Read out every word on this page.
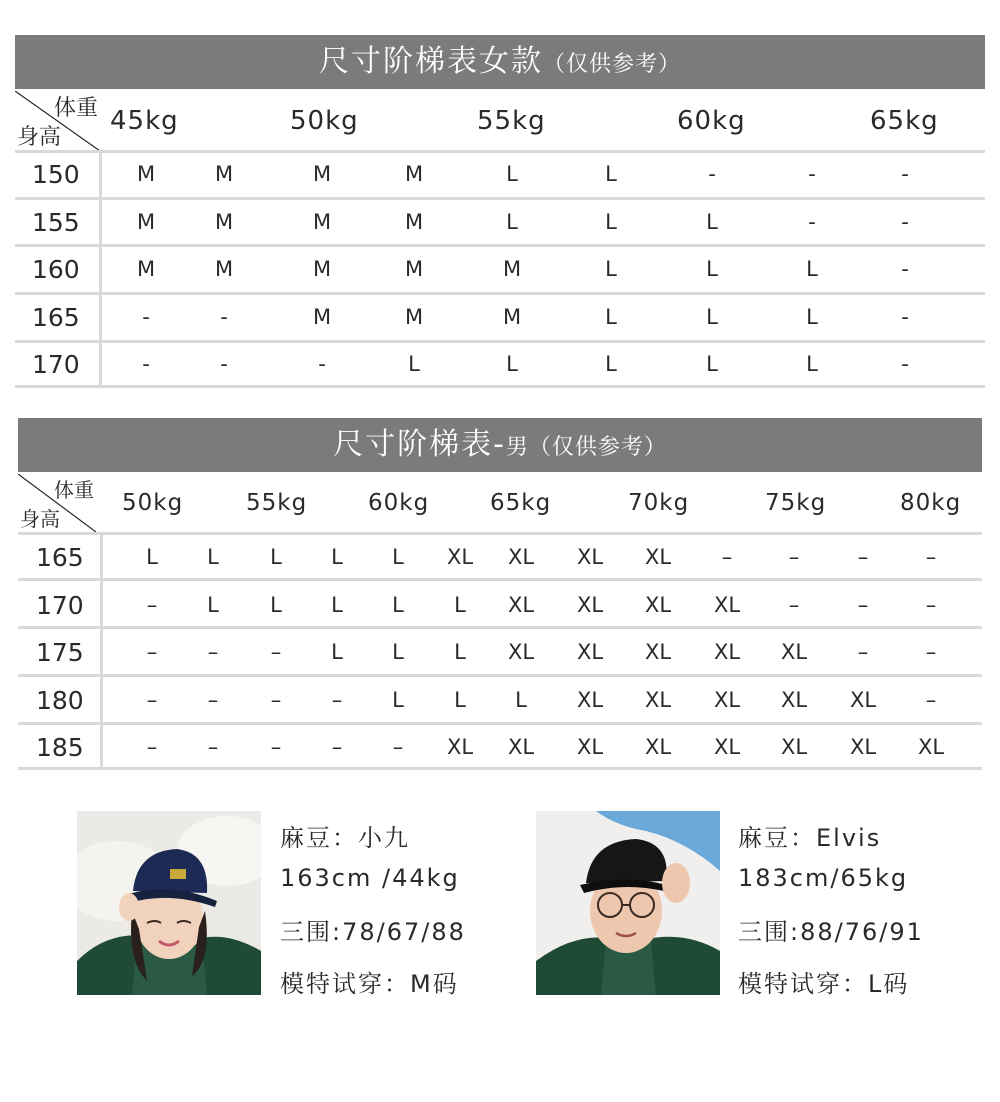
尺寸阶梯表女款（仅供参考）
体重
身高
45kg	50kg	55kg	60kg	65kg
150	M	M	M	M	L	L	-	-	-
155	M	M	M	M	L	L	L	-	-
160	M	M	M	M	M	L	L	L	-
165	-	-	M	M	M	L	L	L	-
170	-	-	-	L	L	L	L	L	-
尺寸阶梯表-男（仅供参考）
体重
身高
50kg	55kg	60kg	65kg	70kg	75kg	80kg
165	L	L	L	L	L	XL	XL	XL	XL	–	–	–	–
170	–	L	L	L	L	L	XL	XL	XL	XL	–	–	–
175	–	–	–	L	L	L	XL	XL	XL	XL	XL	–	–
180	–	–	–	–	L	L	L	XL	XL	XL	XL	XL	–
185	–	–	–	–	–	XL	XL	XL	XL	XL	XL	XL	XL
麻豆：小九
163cm /44kg
三围:78/67/88
模特试穿：M码
麻豆：Elvis
183cm/65kg
三围:88/76/91
模特试穿：L码
